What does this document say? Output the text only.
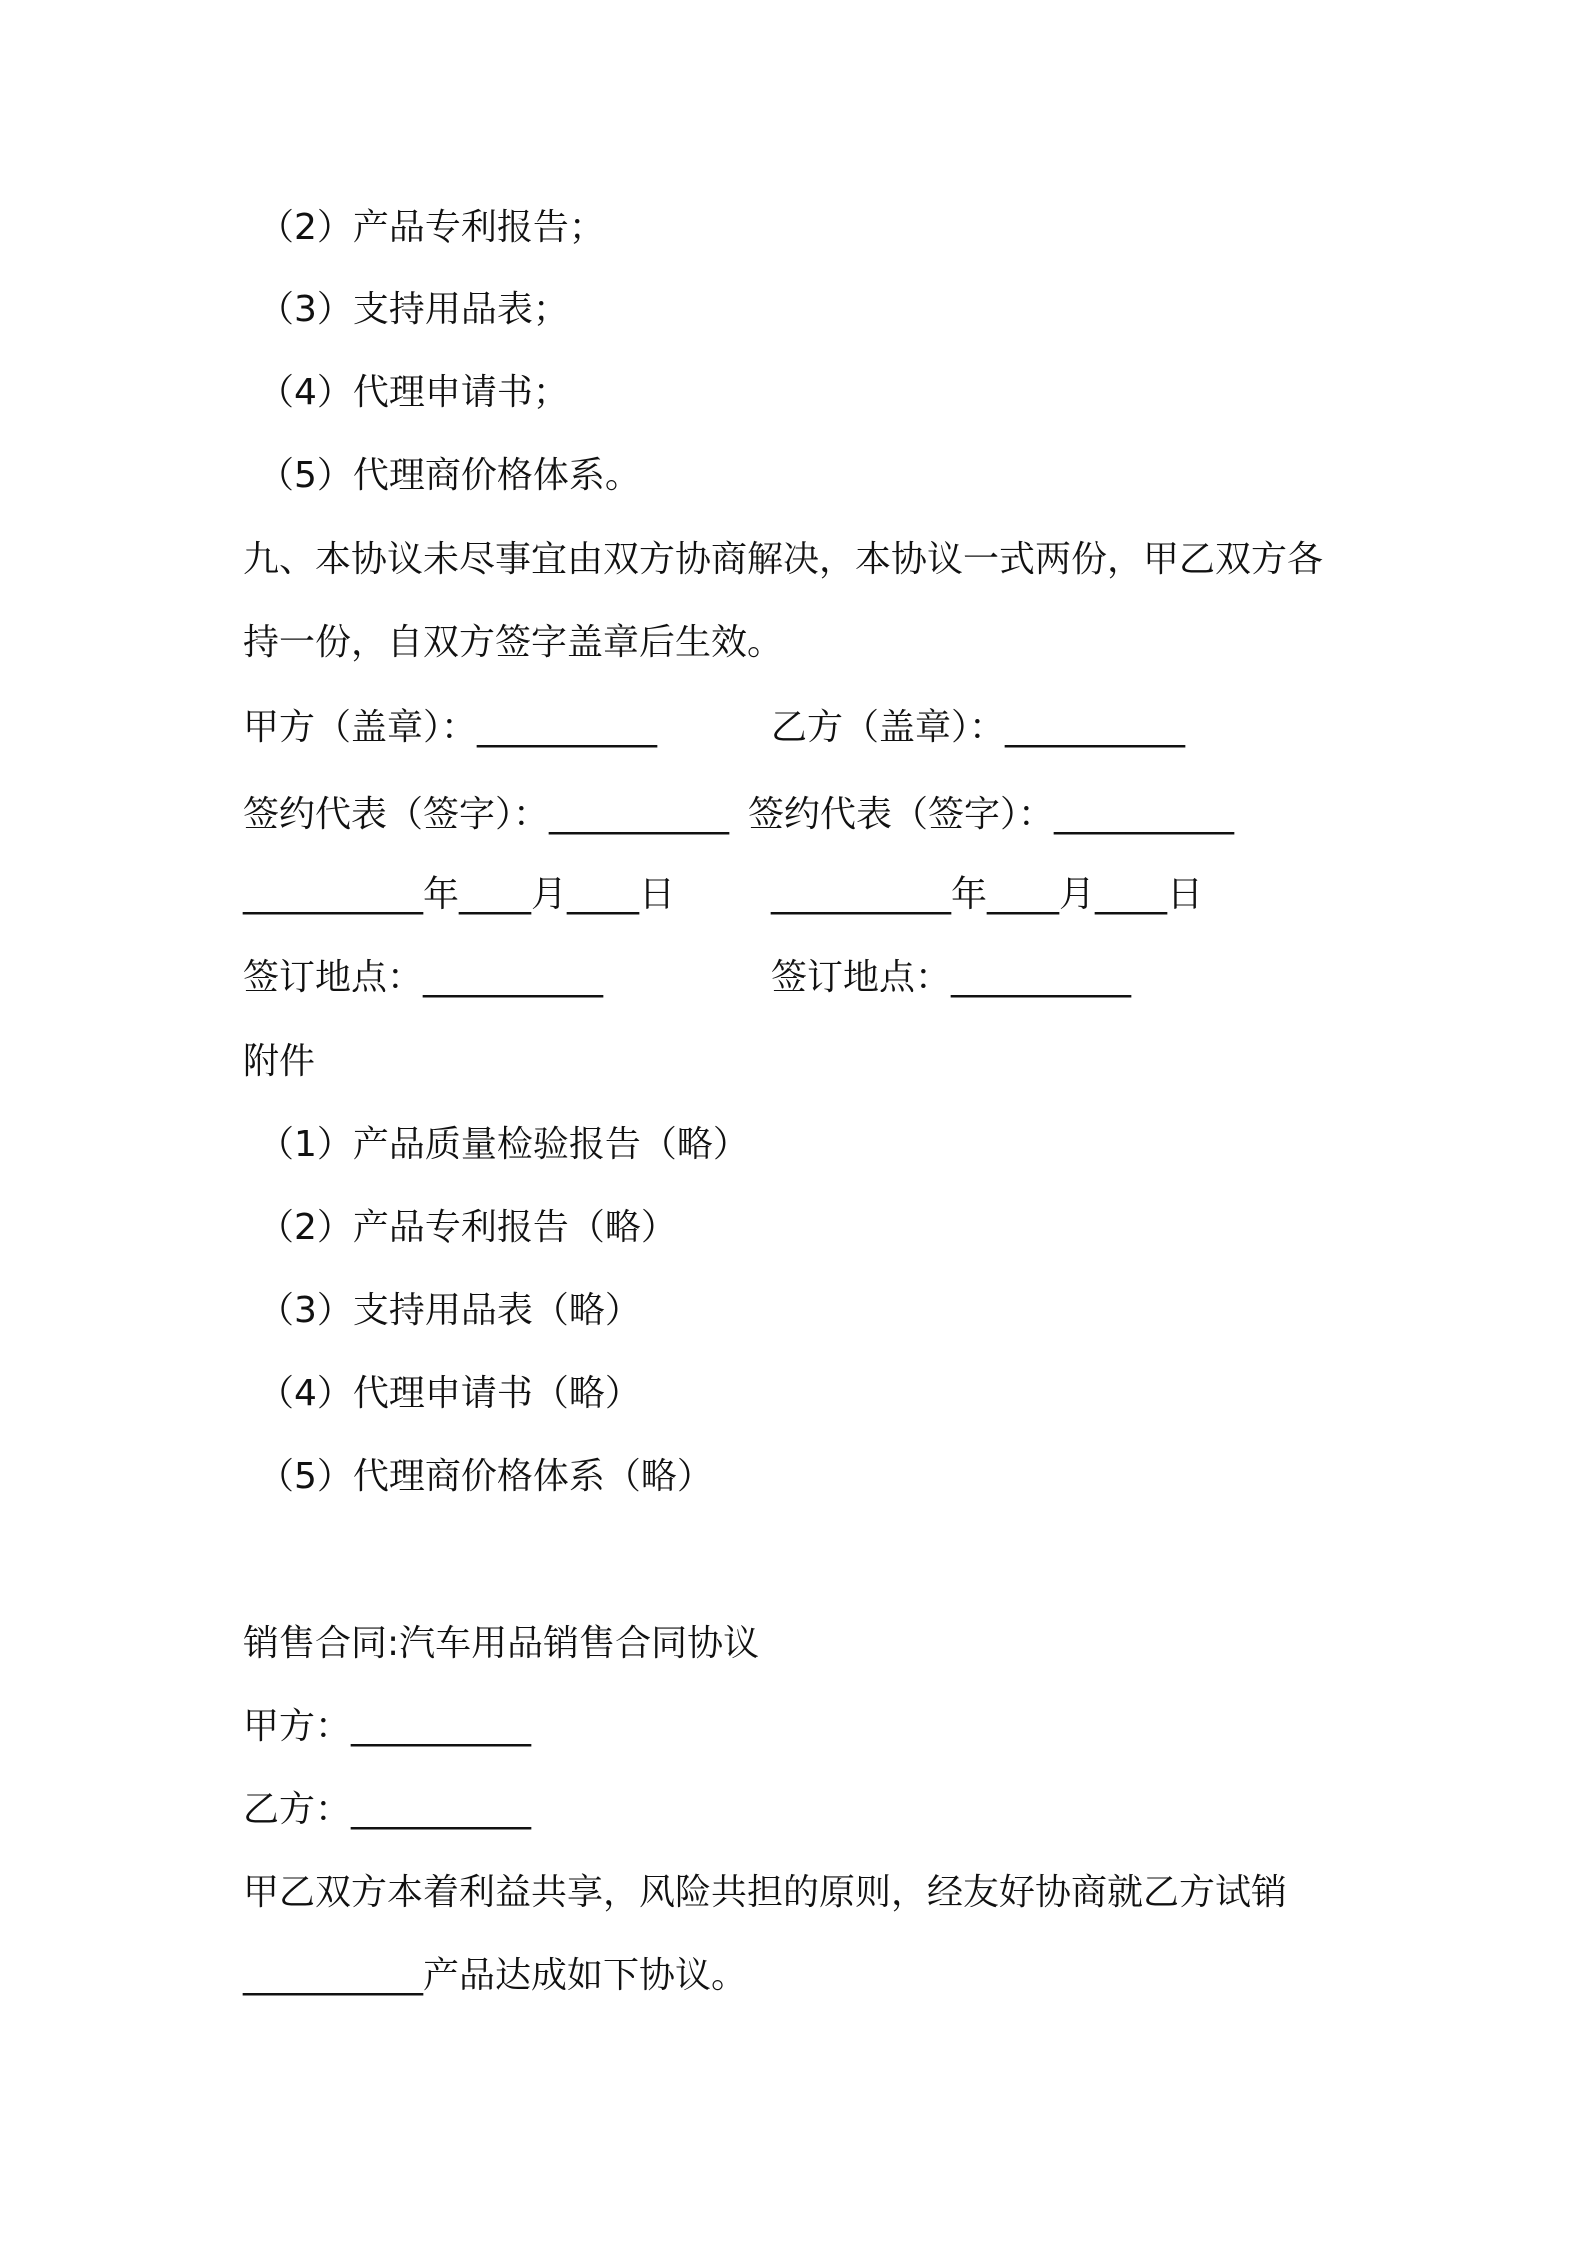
（2）产品专利报告；
（3）支持用品表；
（4）代理申请书；
（5）代理商价格体系。
九、本协议未尽事宜由双方协商解决，本协议一式两份，甲乙双方各
持一份，自双方签字盖章后生效。
甲方（盖章）：__________	乙方（盖章）：__________
签约代表（签字）：__________ 签约代表（签字）：__________
__________年____月____日	__________年____月____日
签订地点：__________	签订地点：__________
附件
（1）产品质量检验报告（略）
（2）产品专利报告（略）
（3）支持用品表（略）
（4）代理申请书（略）
（5）代理商价格体系（略）
销售合同:汽车用品销售合同协议
甲方：__________
乙方：__________
甲乙双方本着利益共享，风险共担的原则，经友好协商就乙方试销
__________产品达成如下协议。
